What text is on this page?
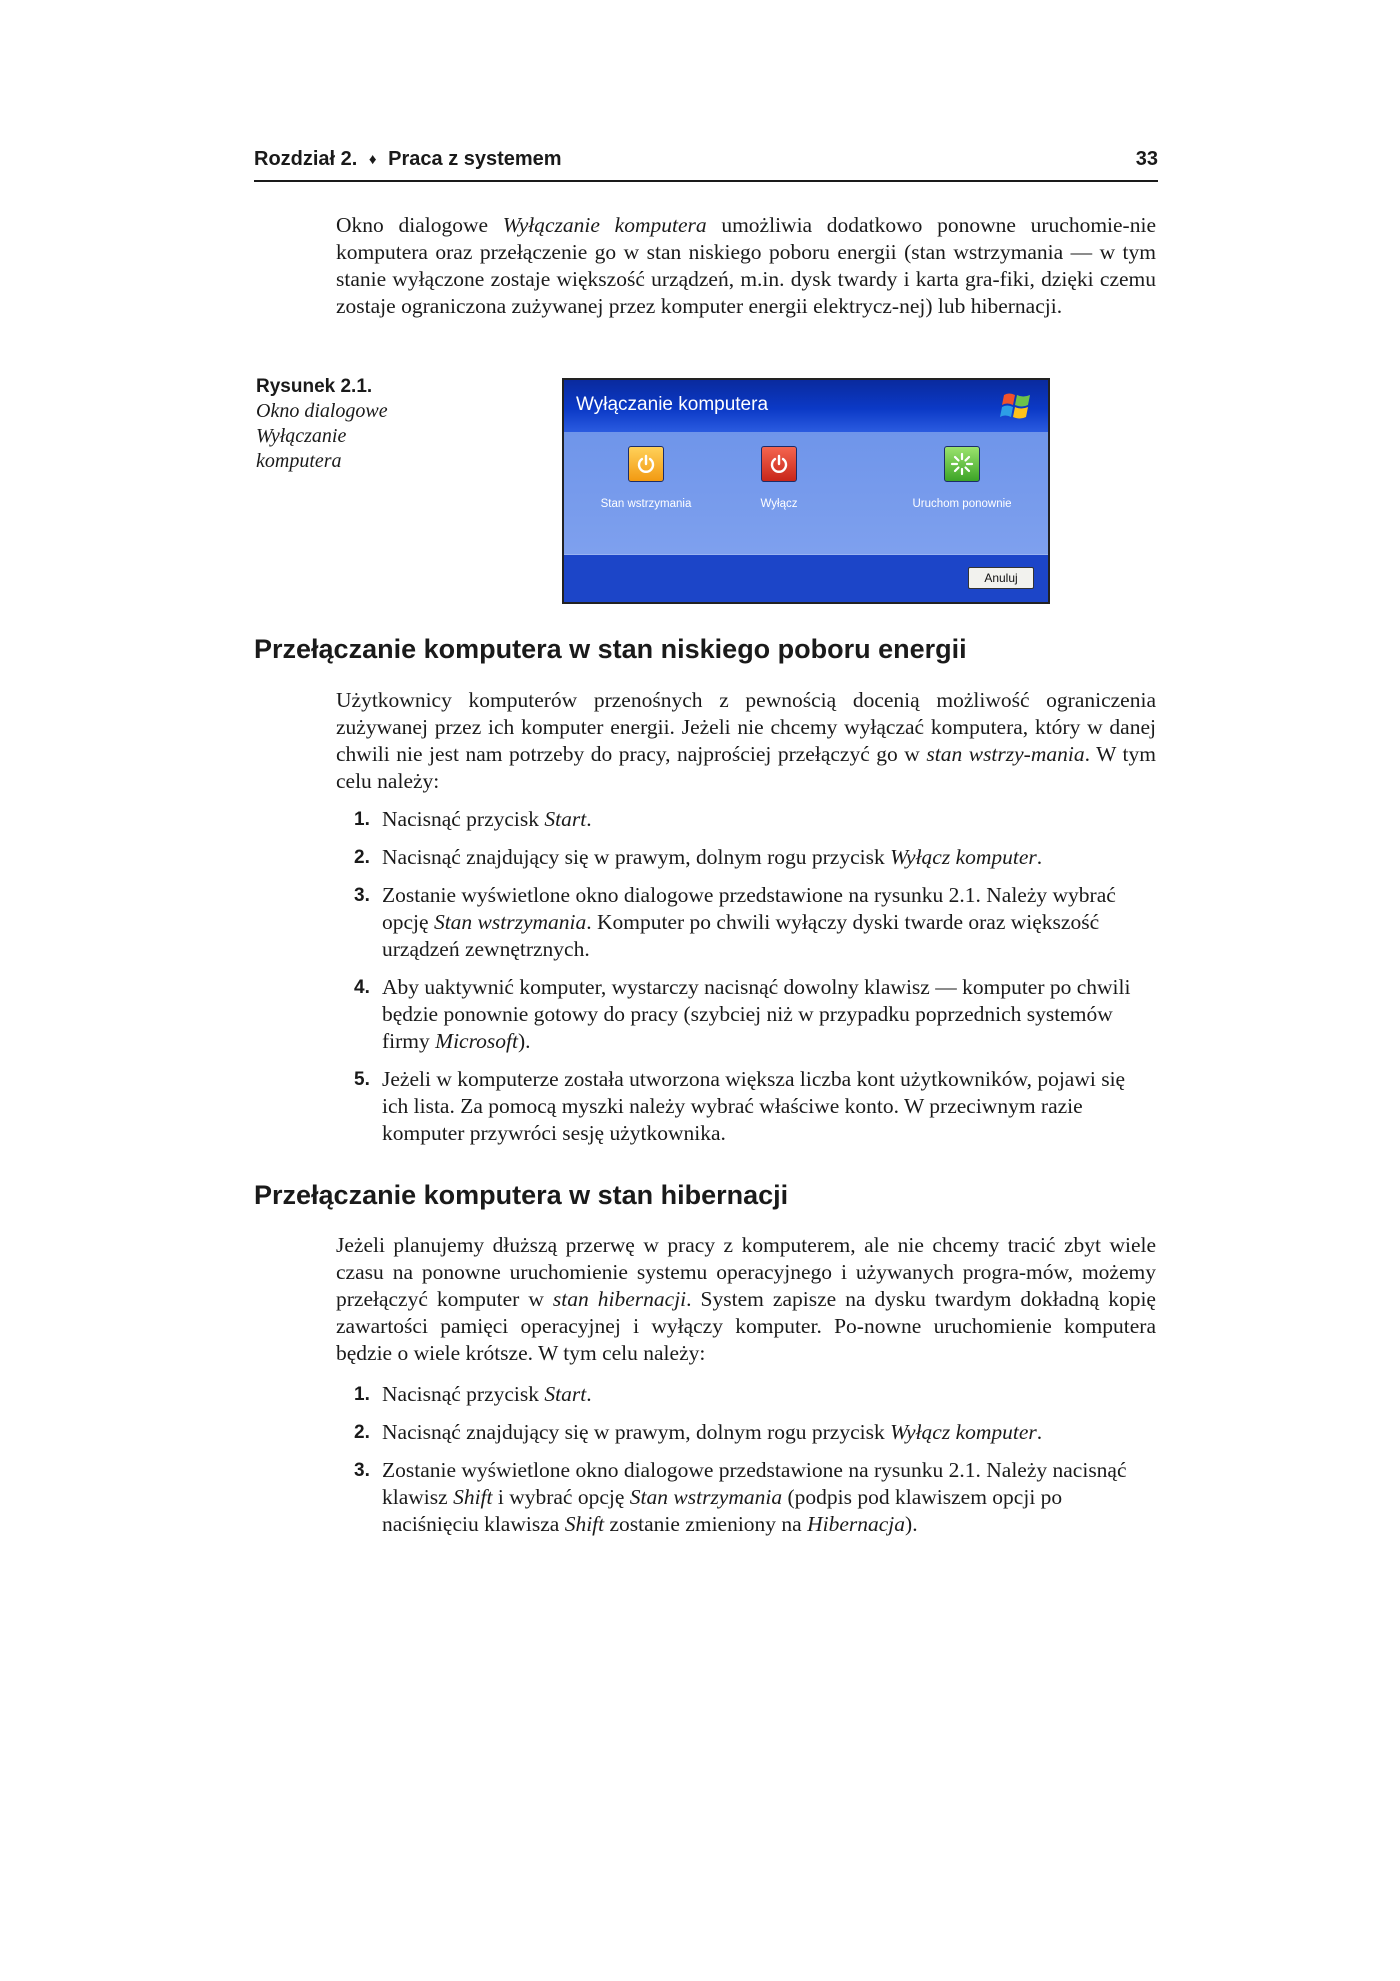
Rozdział 2. ♦ Praca z systemem	33

Okno dialogowe Wyłączanie komputera umożliwia dodatkowo ponowne uruchomie-nie komputera oraz przełączenie go w stan niskiego poboru energii (stan wstrzymania — w tym stanie wyłączone zostaje większość urządzeń, m.in. dysk twardy i karta gra-fiki, dzięki czemu zostaje ograniczona zużywanej przez komputer energii elektrycz-nej) lub hibernacji.

Rysunek 2.1.
Okno dialogowe Wyłączanie komputera
Wyłączanie komputera
Stan wstrzymania	Wyłącz	Uruchom ponownie
Anuluj
Przełączanie komputera w stan niskiego poboru energii

Użytkownicy komputerów przenośnych z pewnością docenią możliwość ograniczenia zużywanej przez ich komputer energii. Jeżeli nie chcemy wyłączać komputera, który w danej chwili nie jest nam potrzeby do pracy, najprościej przełączyć go w stan wstrzy-mania. W tym celu należy:

1. Nacisnąć przycisk Start.
2. Nacisnąć znajdujący się w prawym, dolnym rogu przycisk Wyłącz komputer.
3. Zostanie wyświetlone okno dialogowe przedstawione na rysunku 2.1. Należy wybrać opcję Stan wstrzymania. Komputer po chwili wyłączy dyski twarde oraz większość urządzeń zewnętrznych.
4. Aby uaktywnić komputer, wystarczy nacisnąć dowolny klawisz — komputer po chwili będzie ponownie gotowy do pracy (szybciej niż w przypadku poprzednich systemów firmy Microsoft).
5. Jeżeli w komputerze została utworzona większa liczba kont użytkowników, pojawi się ich lista. Za pomocą myszki należy wybrać właściwe konto. W przeciwnym razie komputer przywróci sesję użytkownika.
Przełączanie komputera w stan hibernacji

Jeżeli planujemy dłuższą przerwę w pracy z komputerem, ale nie chcemy tracić zbyt wiele czasu na ponowne uruchomienie systemu operacyjnego i używanych progra-mów, możemy przełączyć komputer w stan hibernacji. System zapisze na dysku twardym dokładną kopię zawartości pamięci operacyjnej i wyłączy komputer. Po-nowne uruchomienie komputera będzie o wiele krótsze. W tym celu należy:

1. Nacisnąć przycisk Start.
2. Nacisnąć znajdujący się w prawym, dolnym rogu przycisk Wyłącz komputer.
3. Zostanie wyświetlone okno dialogowe przedstawione na rysunku 2.1. Należy nacisnąć klawisz Shift i wybrać opcję Stan wstrzymania (podpis pod klawiszem opcji po naciśnięciu klawisza Shift zostanie zmieniony na Hibernacja).
